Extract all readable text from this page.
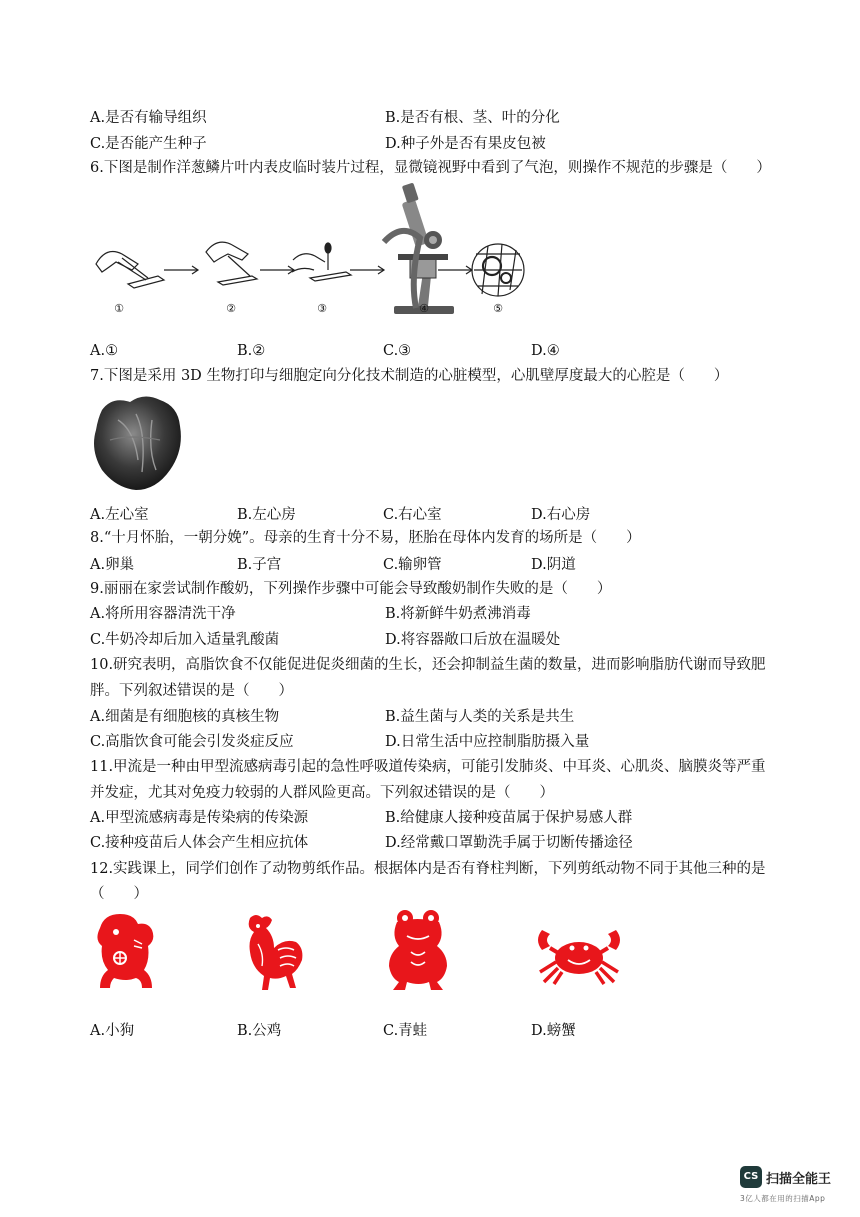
A.是否有输导组织	B.是否有根、茎、叶的分化
C.是否能产生种子	D.种子外是否有果皮包被
6.下图是制作洋葱鳞片叶内表皮临时装片过程，显微镜视野中看到了气泡，则操作不规范的步骤是（　　）
①	②	③	④	⑤
A.①	B.②	C.③	D.④
7.下图是采用 3D 生物打印与细胞定向分化技术制造的心脏模型，心肌壁厚度最大的心腔是（　　）
A.左心室	B.左心房	C.右心室	D.右心房
8.“十月怀胎，一朝分娩”。母亲的生育十分不易，胚胎在母体内发育的场所是（　　）
A.卵巢	B.子宫	C.输卵管	D.阴道
9.丽丽在家尝试制作酸奶，下列操作步骤中可能会导致酸奶制作失败的是（　　）
A.将所用容器清洗干净	B.将新鲜牛奶煮沸消毒
C.牛奶冷却后加入适量乳酸菌	D.将容器敞口后放在温暖处
10.研究表明，高脂饮食不仅能促进促炎细菌的生长，还会抑制益生菌的数量，进而影响脂肪代谢而导致肥
胖。下列叙述错误的是（　　）
A.细菌是有细胞核的真核生物	B.益生菌与人类的关系是共生
C.高脂饮食可能会引发炎症反应	D.日常生活中应控制脂肪摄入量
11.甲流是一种由甲型流感病毒引起的急性呼吸道传染病，可能引发肺炎、中耳炎、心肌炎、脑膜炎等严重
并发症，尤其对免疫力较弱的人群风险更高。下列叙述错误的是（　　）
A.甲型流感病毒是传染病的传染源	B.给健康人接种疫苗属于保护易感人群
C.接种疫苗后人体会产生相应抗体	D.经常戴口罩勤洗手属于切断传播途径
12.实践课上，同学们创作了动物剪纸作品。根据体内是否有脊柱判断，下列剪纸动物不同于其他三种的是
（　　）
A.小狗	B.公鸡	C.青蛙	D.螃蟹
CS 扫描全能王
3亿人都在用的扫描App
